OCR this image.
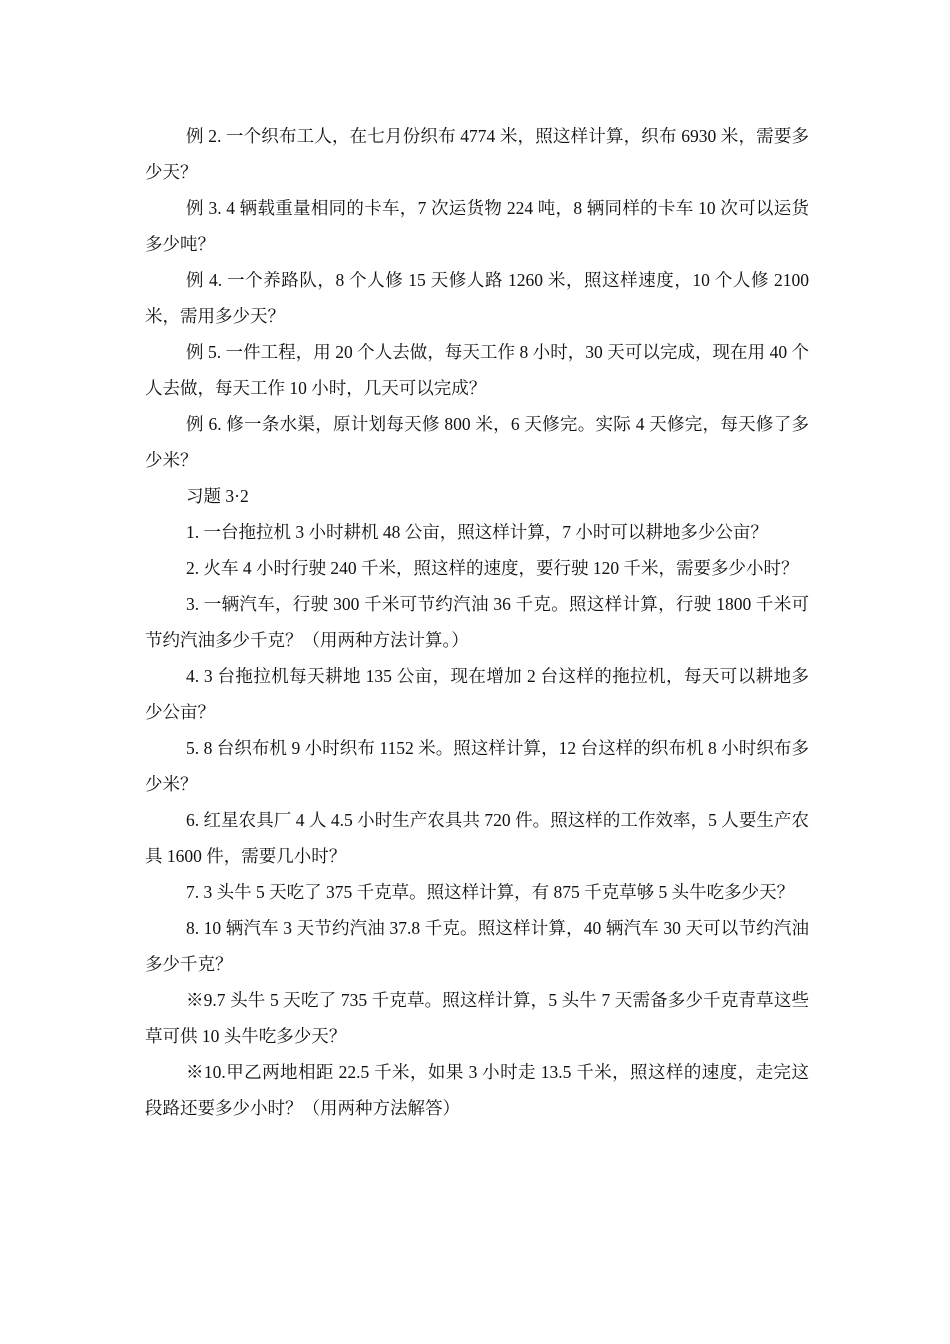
例 2. 一个织布工人，在七月份织布 4774 米，照这样计算，织布 6930 米，需要多少天？

例 3. 4 辆载重量相同的卡车，7 次运货物 224 吨，8 辆同样的卡车 10 次可以运货多少吨？

例 4. 一个养路队，8 个人修 15 天修人路 1260 米，照这样速度，10 个人修 2100 米，需用多少天？

例 5. 一件工程，用 20 个人去做，每天工作 8 小时，30 天可以完成，现在用 40 个人去做，每天工作 10 小时，几天可以完成？

例 6. 修一条水渠，原计划每天修 800 米，6 天修完。实际 4 天修完，每天修了多少米？

习题 3·2

1. 一台拖拉机 3 小时耕机 48 公亩，照这样计算，7 小时可以耕地多少公亩？

2. 火车 4 小时行驶 240 千米，照这样的速度，要行驶 120 千米，需要多少小时？

3. 一辆汽车，行驶 300 千米可节约汽油 36 千克。照这样计算，行驶 1800 千米可节约汽油多少千克？（用两种方法计算。）

4. 3 台拖拉机每天耕地 135 公亩，现在增加 2 台这样的拖拉机，每天可以耕地多少公亩？

5. 8 台织布机 9 小时织布 1152 米。照这样计算，12 台这样的织布机 8 小时织布多少米？

6. 红星农具厂 4 人 4.5 小时生产农具共 720 件。照这样的工作效率，5 人要生产农具 1600 件，需要几小时？

7. 3 头牛 5 天吃了 375 千克草。照这样计算，有 875 千克草够 5 头牛吃多少天？

8. 10 辆汽车 3 天节约汽油 37.8 千克。照这样计算，40 辆汽车 30 天可以节约汽油多少千克？

※9.7 头牛 5 天吃了 735 千克草。照这样计算，5 头牛 7 天需备多少千克青草这些草可供 10 头牛吃多少天？

※10.甲乙两地相距 22.5 千米，如果 3 小时走 13.5 千米，照这样的速度，走完这段路还要多少小时？（用两种方法解答）
